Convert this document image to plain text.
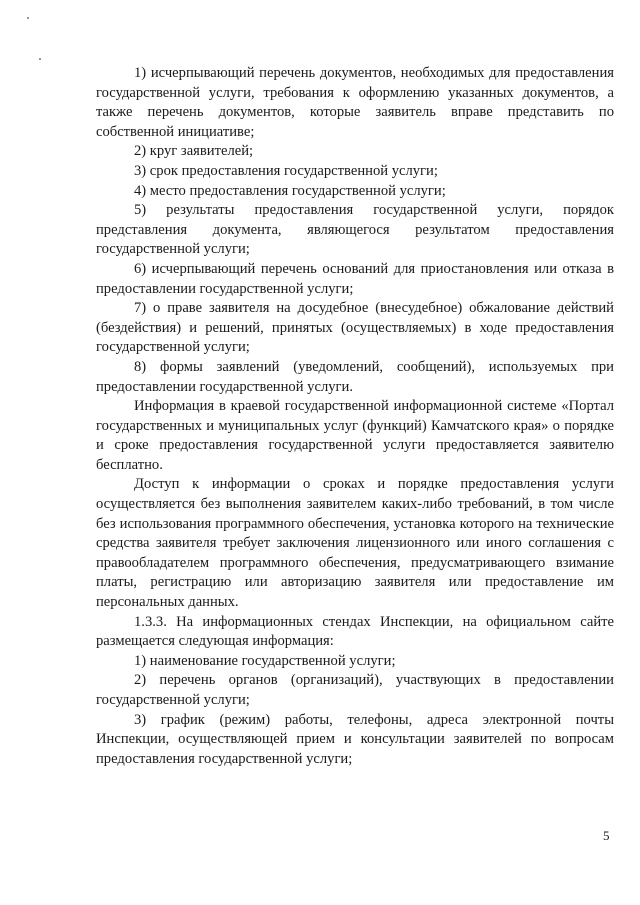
1) исчерпывающий перечень документов, необходимых для предоставления государственной услуги, требования к оформлению указанных документов, а также перечень документов, которые заявитель вправе представить по собственной инициативе;

2) круг заявителей;

3) срок предоставления государственной услуги;

4) место предоставления государственной услуги;

5) результаты предоставления государственной услуги, порядок представления документа, являющегося результатом предоставления государственной услуги;

6) исчерпывающий перечень оснований для приостановления или отказа в предоставлении государственной услуги;

7) о праве заявителя на досудебное (внесудебное) обжалование действий (бездействия) и решений, принятых (осуществляемых) в ходе предоставления государственной услуги;

8) формы заявлений (уведомлений, сообщений), используемых при предоставлении государственной услуги.

Информация в краевой государственной информационной системе «Портал государственных и муниципальных услуг (функций) Камчатского края» о порядке и сроке предоставления государственной услуги предоставляется заявителю бесплатно.

Доступ к информации о сроках и порядке предоставления услуги осуществляется без выполнения заявителем каких-либо требований, в том числе без использования программного обеспечения, установка которого на технические средства заявителя требует заключения лицензионного или иного соглашения с правообладателем программного обеспечения, предусматривающего взимание платы, регистрацию или авторизацию заявителя или предоставление им персональных данных.

1.3.3. На информационных стендах Инспекции, на официальном сайте размещается следующая информация:

1) наименование государственной услуги;

2) перечень органов (организаций), участвующих в предоставлении государственной услуги;

3) график (режим) работы, телефоны, адреса электронной почты Инспекции, осуществляющей прием и консультации заявителей по вопросам предоставления государственной услуги;

5
